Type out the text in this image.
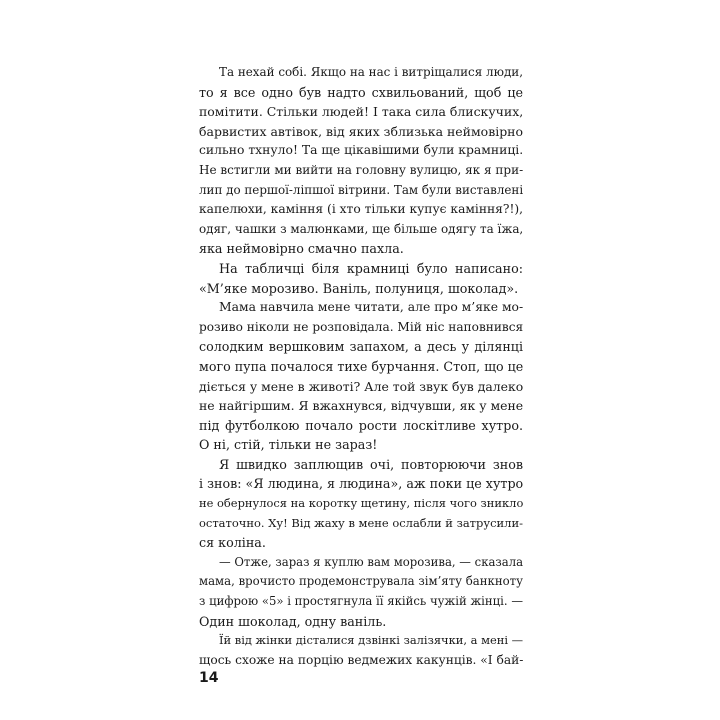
Та нехай собі. Якщо на нас і витріщалися люди,
то я все одно був надто схвильований, щоб це
помітити. Стільки людей! І така сила блискучих,
барвистих автівок, від яких зблизька неймовірно
сильно тхнуло! Та ще цікавішими були крамниці.
Не встигли ми вийти на головну вулицю, як я при-
лип до першої-ліпшої вітрини. Там були виставлені
капелюхи, каміння (і хто тільки купує каміння?!),
одяг, чашки з малюнками, ще більше одягу та їжа,
яка неймовірно смачно пахла.
На табличці біля крамниці було написано:
«М’яке морозиво. Ваніль, полуниця, шоколад».
Мама навчила мене читати, але про м’яке мо-
розиво ніколи не розповідала. Мій ніс наповнився
солодким вершковим запахом, а десь у ділянці
мого пупа почалося тихе бурчання. Стоп, що це
діється у мене в животі? Але той звук був далеко
не найгіршим. Я вжахнувся, відчувши, як у мене
під футболкою почало рости лоскітливе хутро.
О ні, стій, тільки не зараз!
Я швидко заплющив очі, повторюючи знов
і знов: «Я людина, я людина», аж поки це хутро
не обернулося на коротку щетину, після чого зникло
остаточно. Ху! Від жаху в мене ослабли й затрусили-
ся коліна.
— Отже, зараз я куплю вам морозива, — сказала
мама, врочисто продемонструвала зім’яту банкноту
з цифрою «5» і простягнула її якійсь чужій жінці. —
Один шоколад, одну ваніль.
Їй від жінки дісталися дзвінкі залізячки, а мені —
щось схоже на порцію ведмежих какунців. «І бай-
14
